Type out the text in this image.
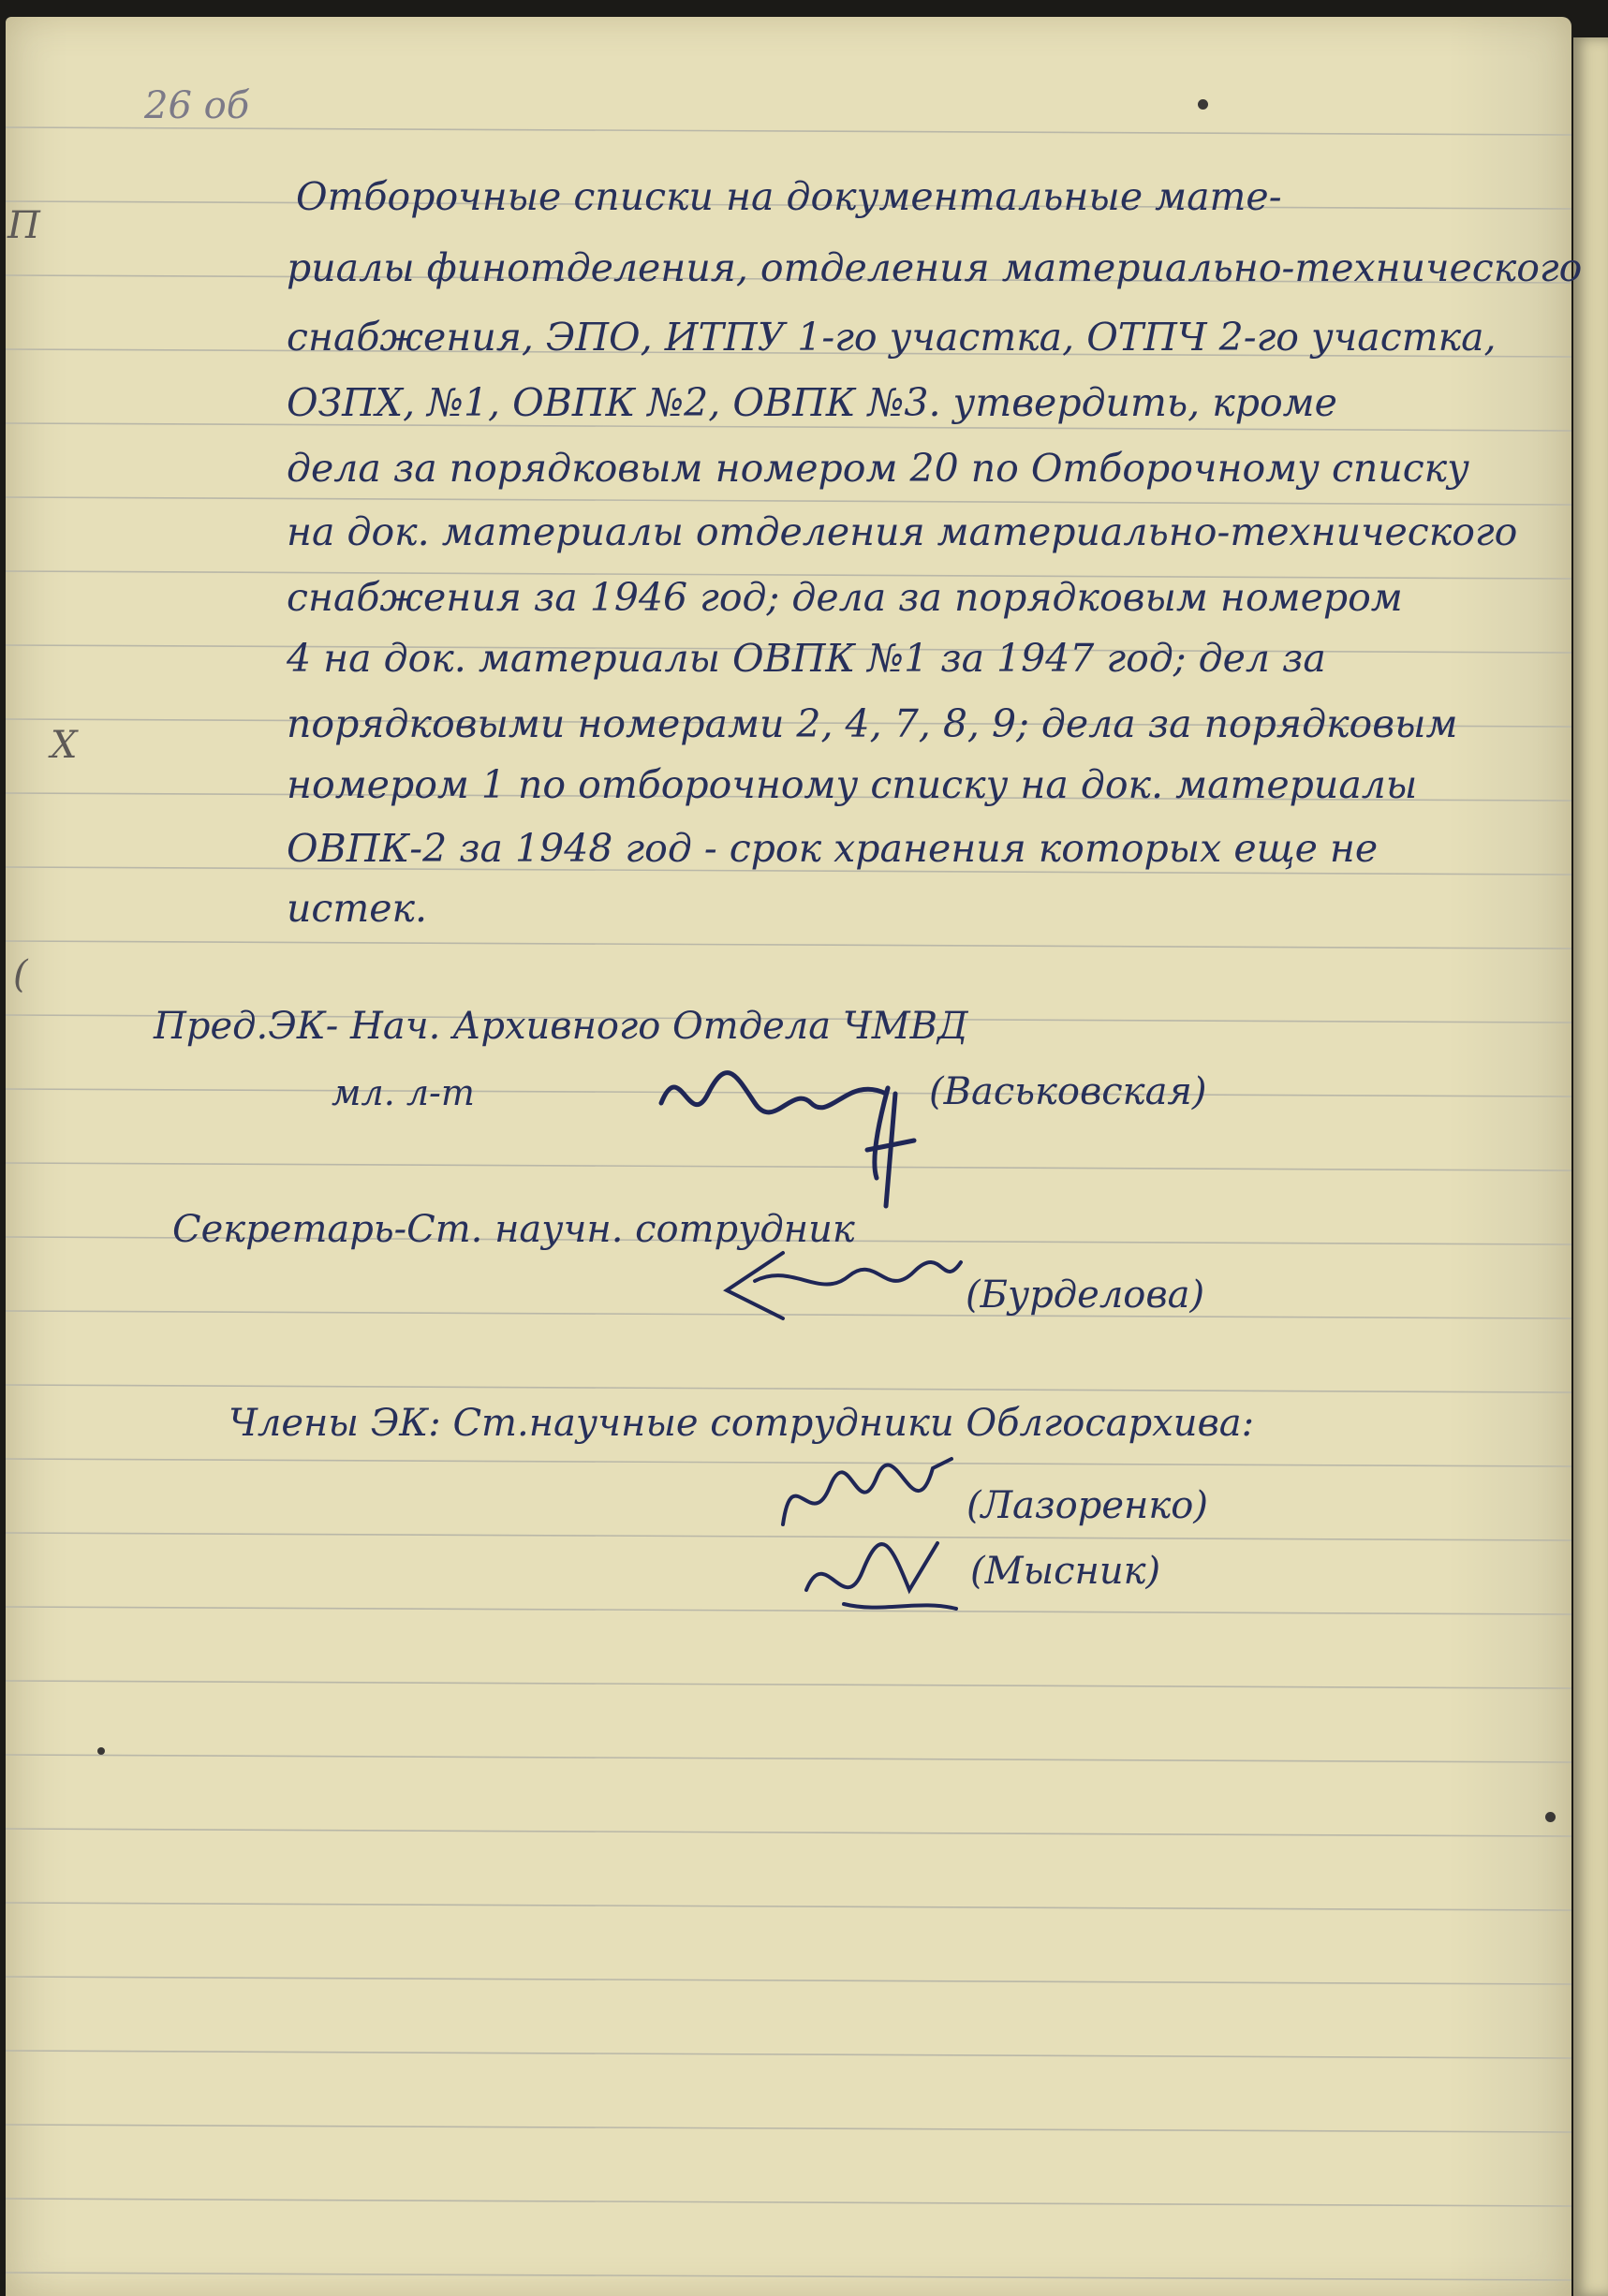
26 об
П
Х
(
Отборочные списки на документальные мате-
риалы финотделения, отделения материально-технического
снабжения, ЭПО, ИТПУ 1-го участка, ОТПЧ 2-го участка,
ОЗПХ, №1, ОВПК №2, ОВПК №3. утвердить, кроме
дела за порядковым номером 20 по Отборочному списку
на док. материалы отделения материально-технического
снабжения за 1946 год; дела за порядковым номером
4 на док. материалы ОВПК №1 за 1947 год; дел за
порядковыми номерами 2, 4, 7, 8, 9; дела за порядковым
номером 1 по отборочному списку на док. материалы
ОВПК-2 за 1948 год - срок хранения которых еще не
истек.
Пред.ЭК- Нач. Архивного Отдела ЧМВД
мл. л-т	(Васьковская)
Секретарь-Ст. научн. сотрудник
(Бурделова)
Члены ЭК: Ст.научные сотрудники Облгосархива:
(Лазоренко)
(Мысник)
